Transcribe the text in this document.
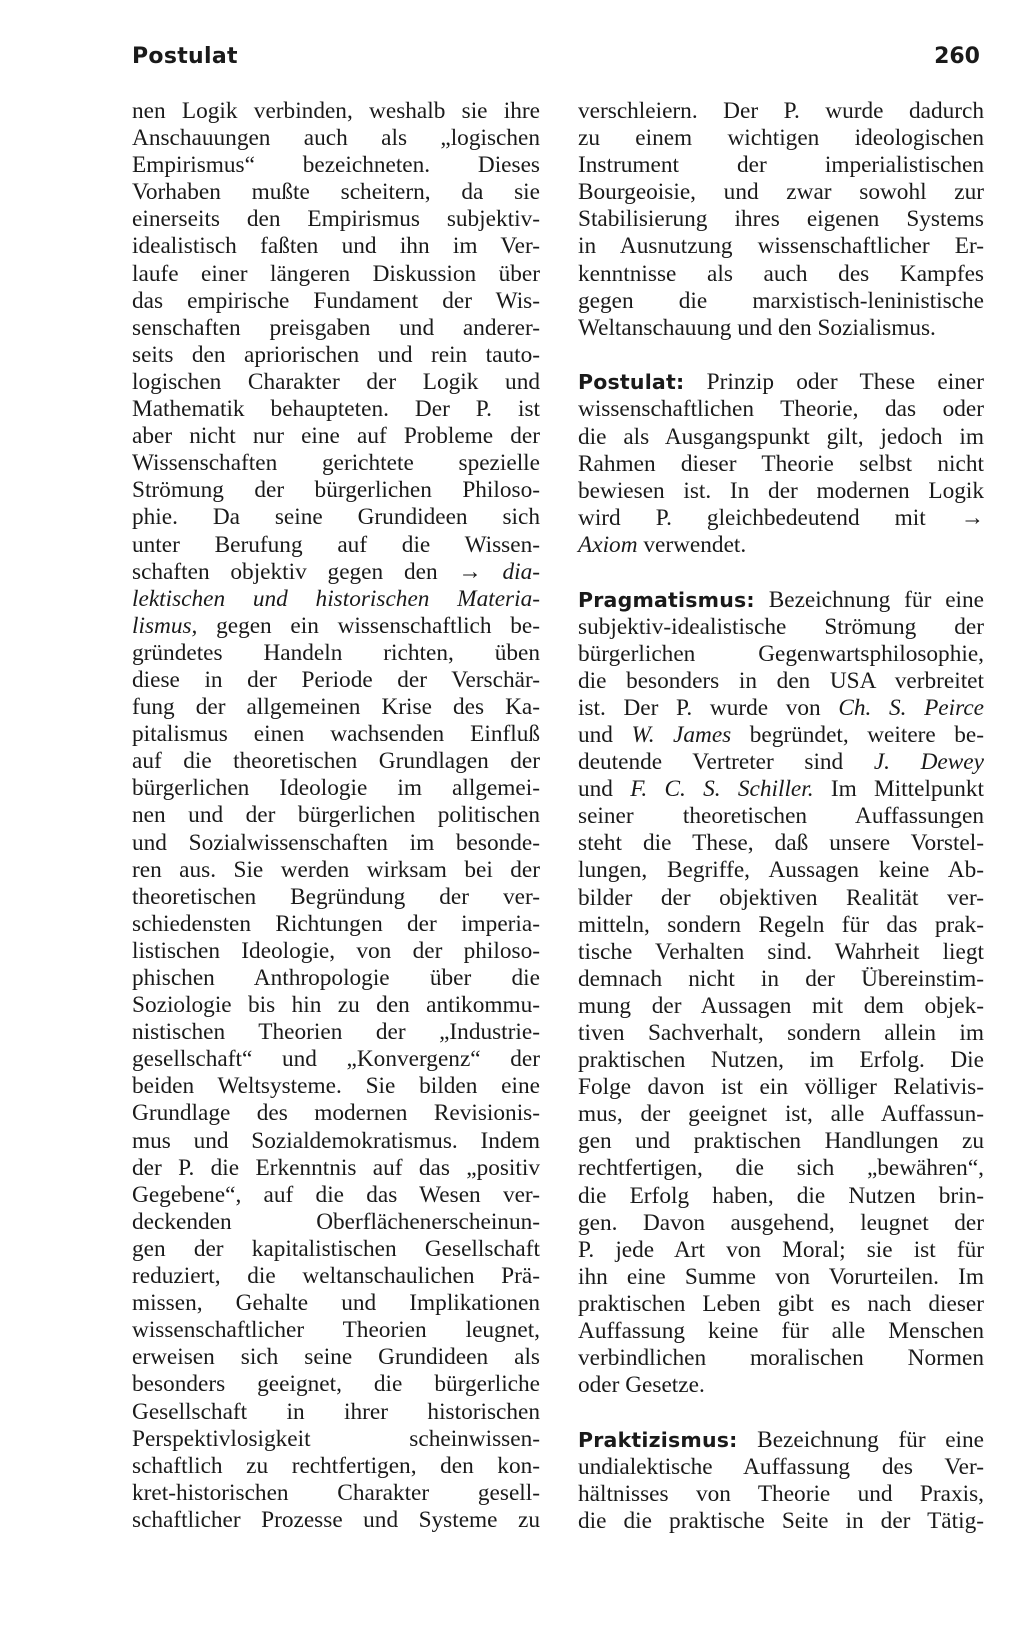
Postulat	260
nen Logik verbinden, weshalb sie ihre
Anschauungen auch als „logischen
Empirismus“ bezeichneten. Dieses
Vorhaben mußte scheitern, da sie
einerseits den Empirismus subjektiv-
idealistisch faßten und ihn im Ver-
laufe einer längeren Diskussion über
das empirische Fundament der Wis-
senschaften preisgaben und anderer-
seits den apriorischen und rein tauto-
logischen Charakter der Logik und
Mathematik behaupteten. Der P. ist
aber nicht nur eine auf Probleme der
Wissenschaften gerichtete spezielle
Strömung der bürgerlichen Philoso-
phie. Da seine Grundideen sich
unter Berufung auf die Wissen-
schaften objektiv gegen den → dia-
lektischen und historischen Materia-
lismus, gegen ein wissenschaftlich be-
gründetes Handeln richten, üben
diese in der Periode der Verschär-
fung der allgemeinen Krise des Ka-
pitalismus einen wachsenden Einfluß
auf die theoretischen Grundlagen der
bürgerlichen Ideologie im allgemei-
nen und der bürgerlichen politischen
und Sozialwissenschaften im besonde-
ren aus. Sie werden wirksam bei der
theoretischen Begründung der ver-
schiedensten Richtungen der imperia-
listischen Ideologie, von der philoso-
phischen Anthropologie über die
Soziologie bis hin zu den antikommu-
nistischen Theorien der „Industrie-
gesellschaft“ und „Konvergenz“ der
beiden Weltsysteme. Sie bilden eine
Grundlage des modernen Revisionis-
mus und Sozialdemokratismus. Indem
der P. die Erkenntnis auf das „positiv
Gegebene“, auf die das Wesen ver-
deckenden Oberflächenerscheinun-
gen der kapitalistischen Gesellschaft
reduziert, die weltanschaulichen Prä-
missen, Gehalte und Implikationen
wissenschaftlicher Theorien leugnet,
erweisen sich seine Grundideen als
besonders geeignet, die bürgerliche
Gesellschaft in ihrer historischen
Perspektivlosigkeit scheinwissen-
schaftlich zu rechtfertigen, den kon-
kret-historischen Charakter gesell-
schaftlicher Prozesse und Systeme zu
verschleiern. Der P. wurde dadurch
zu einem wichtigen ideologischen
Instrument der imperialistischen
Bourgeoisie, und zwar sowohl zur
Stabilisierung ihres eigenen Systems
in Ausnutzung wissenschaftlicher Er-
kenntnisse als auch des Kampfes
gegen die marxistisch-leninistische
Weltanschauung und den Sozialismus.
Postulat: Prinzip oder These einer
wissenschaftlichen Theorie, das oder
die als Ausgangspunkt gilt, jedoch im
Rahmen dieser Theorie selbst nicht
bewiesen ist. In der modernen Logik
wird P. gleichbedeutend mit →
Axiom verwendet.
Pragmatismus: Bezeichnung für eine
subjektiv-idealistische Strömung der
bürgerlichen Gegenwartsphilosophie,
die besonders in den USA verbreitet
ist. Der P. wurde von Ch. S. Peirce
und W. James begründet, weitere be-
deutende Vertreter sind J. Dewey
und F. C. S. Schiller. Im Mittelpunkt
seiner theoretischen Auffassungen
steht die These, daß unsere Vorstel-
lungen, Begriffe, Aussagen keine Ab-
bilder der objektiven Realität ver-
mitteln, sondern Regeln für das prak-
tische Verhalten sind. Wahrheit liegt
demnach nicht in der Übereinstim-
mung der Aussagen mit dem objek-
tiven Sachverhalt, sondern allein im
praktischen Nutzen, im Erfolg. Die
Folge davon ist ein völliger Relativis-
mus, der geeignet ist, alle Auffassun-
gen und praktischen Handlungen zu
rechtfertigen, die sich „bewähren“,
die Erfolg haben, die Nutzen brin-
gen. Davon ausgehend, leugnet der
P. jede Art von Moral; sie ist für
ihn eine Summe von Vorurteilen. Im
praktischen Leben gibt es nach dieser
Auffassung keine für alle Menschen
verbindlichen moralischen Normen
oder Gesetze.
Praktizismus: Bezeichnung für eine
undialektische Auffassung des Ver-
hältnisses von Theorie und Praxis,
die die praktische Seite in der Tätig-
